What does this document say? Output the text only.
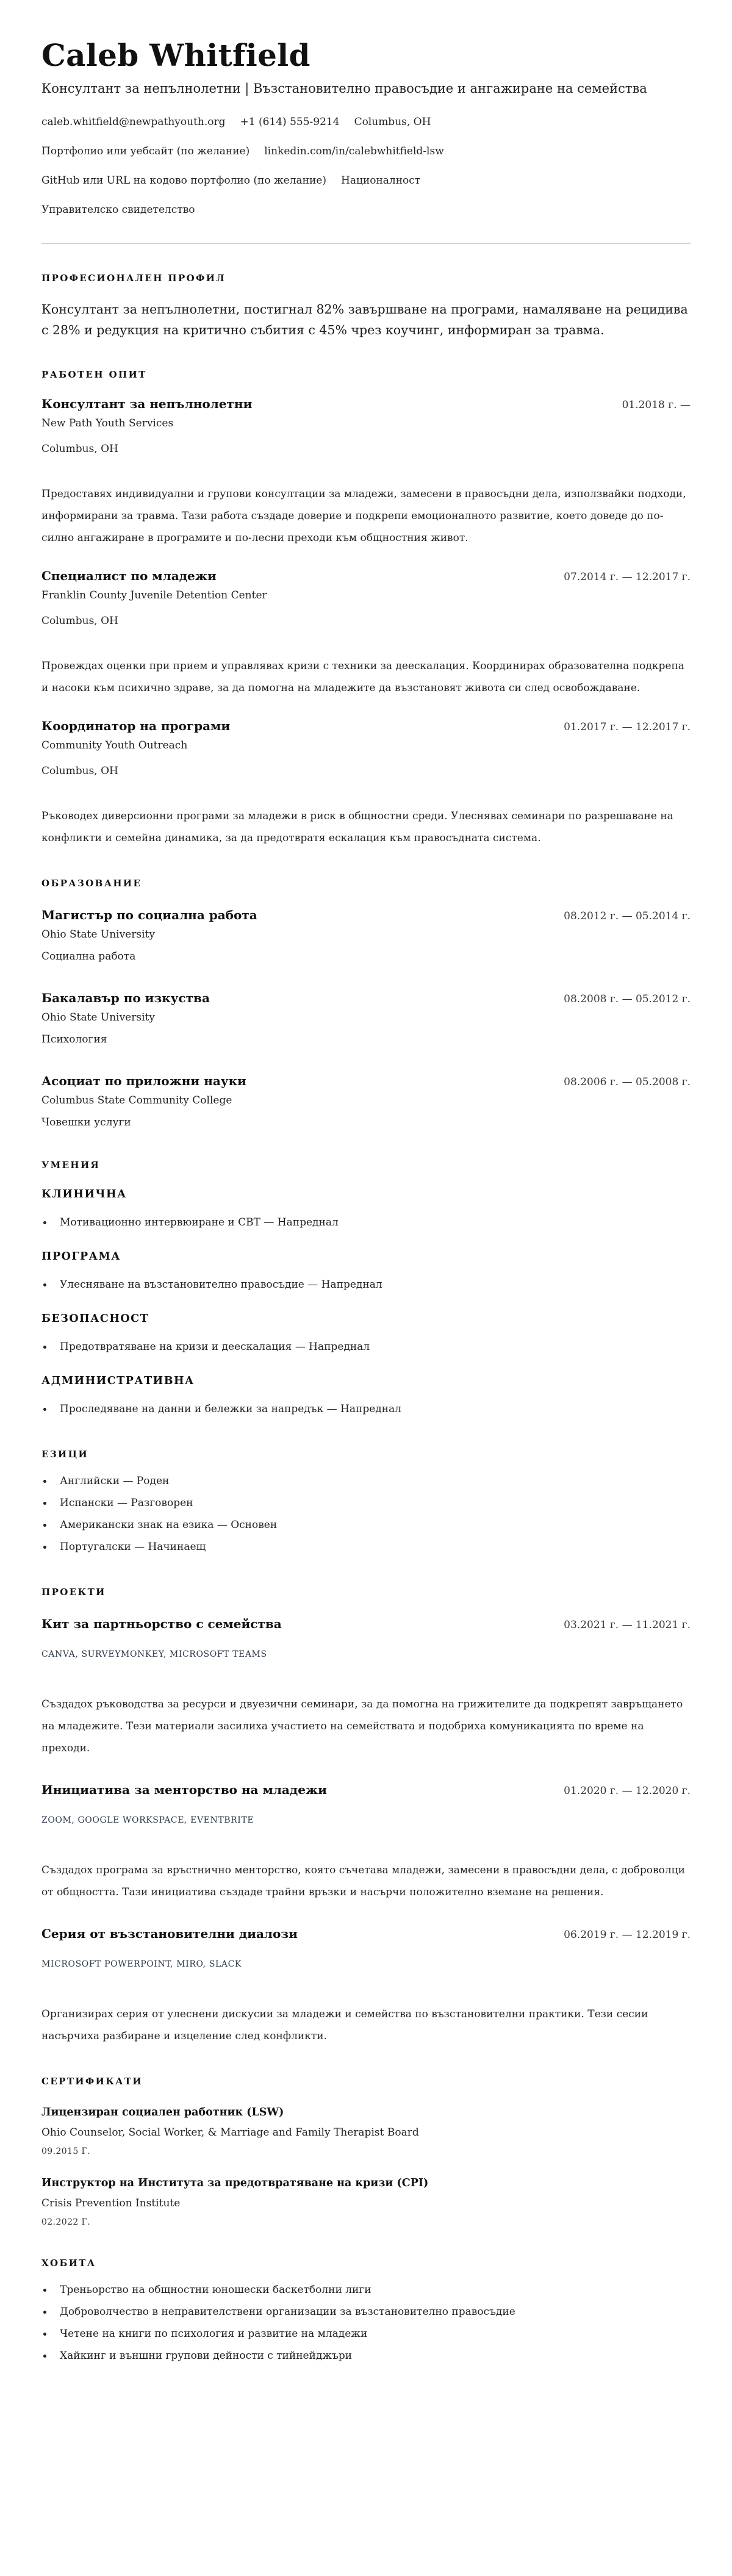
Caleb Whitfield
Консултант за непълнолетни | Възстановително правосъдие и ангажиране на семейства
caleb.whitfield@newpathyouth.org +1 (614) 555-9214 Columbus, OH
Портфолио или уебсайт (по желание) linkedin.com/in/calebwhitfield-lsw
GitHub или URL на кодово портфолио (по желание) Националност
Управителско свидетелство
ПРОФЕСИОНАЛЕН ПРОФИЛ

Консултант за непълнолетни, постигнал 82% завършване на програми, намаляване на рецидива с 28% и редукция на критично събития с 45% чрез коучинг, информиран за травма.

РАБОТЕН ОПИТ
Консултант за непълнолетни	01.2018 г. —
New Path Youth Services
Columbus, OH

Предоставях индивидуални и групови консултации за младежи, замесени в правосъдни дела, използвайки подходи, информирани за травма. Тази работа създаде доверие и подкрепи емоционалното развитие, което доведе до по-силно ангажиране в програмите и по-лесни преходи към общностния живот.

Специалист по младежи	07.2014 г. — 12.2017 г.
Franklin County Juvenile Detention Center
Columbus, OH

Провеждах оценки при прием и управлявах кризи с техники за деескалация. Координирах образователна подкрепа и насоки към психично здраве, за да помогна на младежите да възстановят живота си след освобождаване.

Координатор на програми	01.2017 г. — 12.2017 г.
Community Youth Outreach
Columbus, OH

Ръководех диверсионни програми за младежи в риск в общностни среди. Улеснявах семинари по разрешаване на конфликти и семейна динамика, за да предотвратя ескалация към правосъдната система.

ОБРАЗОВАНИЕ
Магистър по социална работа	08.2012 г. — 05.2014 г.
Ohio State University
Социална работа
Бакалавър по изкуства	08.2008 г. — 05.2012 г.
Ohio State University
Психология
Асоциат по приложни науки	08.2006 г. — 05.2008 г.
Columbus State Community College
Човешки услуги
УМЕНИЯ
КЛИНИЧНА
Мотивационно интервюиране и CBT — Напреднал
ПРОГРАМА
Улесняване на възстановително правосъдие — Напреднал
БЕЗОПАСНОСТ
Предотвратяване на кризи и деескалация — Напреднал
АДМИНИСТРАТИВНА
Проследяване на данни и бележки за напредък — Напреднал
ЕЗИЦИ
Английски — Роден
Испански — Разговорен
Американски знак на езика — Основен
Португалски — Начинаещ
ПРОЕКТИ
Кит за партньорство с семейства	03.2021 г. — 11.2021 г.
CANVA, SURVEYMONKEY, MICROSOFT TEAMS

Създадох ръководства за ресурси и двуезични семинари, за да помогна на грижителите да подкрепят завръщането на младежите. Тези материали засилиха участието на семействата и подобриха комуникацията по време на преходи.

Инициатива за менторство на младежи	01.2020 г. — 12.2020 г.
ZOOM, GOOGLE WORKSPACE, EVENTBRITE

Създадох програма за връстнично менторство, която съчетава младежи, замесени в правосъдни дела, с доброволци от общността. Тази инициатива създаде трайни връзки и насърчи положително вземане на решения.

Серия от възстановителни диалози	06.2019 г. — 12.2019 г.
MICROSOFT POWERPOINT, MIRO, SLACK

Организирах серия от улеснени дискусии за младежи и семейства по възстановителни практики. Тези сесии насърчиха разбиране и изцеление след конфликти.

СЕРТИФИКАТИ
Лицензиран социален работник (LSW)
Ohio Counselor, Social Worker, & Marriage and Family Therapist Board
09.2015 Г.
Инструктор на Института за предотвратяване на кризи (CPI)
Crisis Prevention Institute
02.2022 Г.
ХОБИТА
Треньорство на общностни юношески баскетболни лиги
Доброволчество в неправителствени организации за възстановително правосъдие
Четене на книги по психология и развитие на младежи
Хайкинг и външни групови дейности с тийнейджъри
